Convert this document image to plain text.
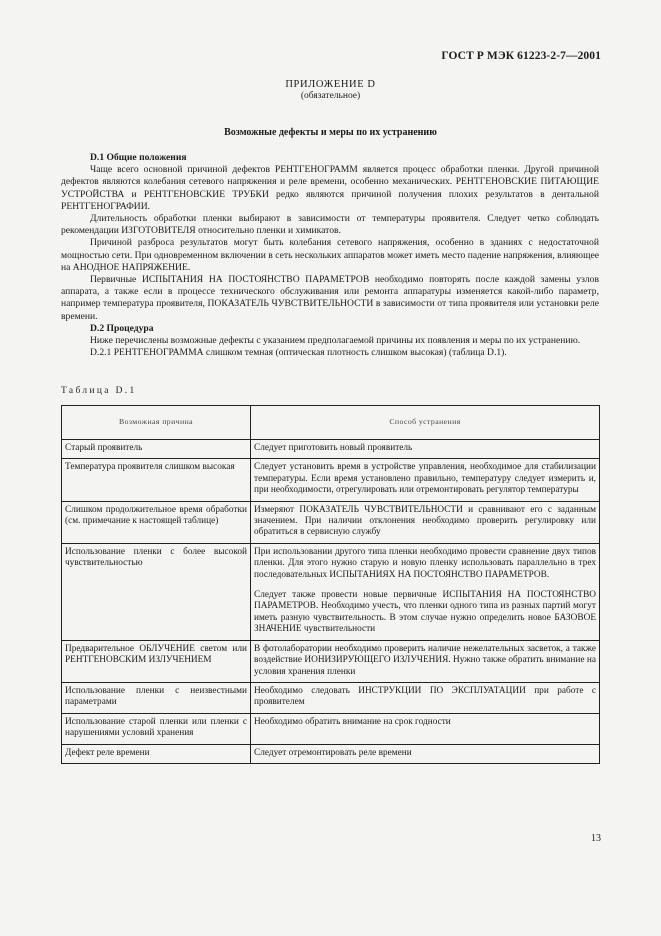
ГОСТ Р МЭК 61223-2-7—2001
ПРИЛОЖЕНИЕ D
(обязательное)
Возможные дефекты и меры по их устранению

D.1 Общие положения

Чаще всего основной причиной дефектов РЕНТГЕНОГРАММ является процесс обработки пленки. Другой причиной дефектов являются колебания сетевого напряжения и реле времени, особенно механических. РЕНТГЕНОВСКИЕ ПИТАЮЩИЕ УСТРОЙСТВА и РЕНТГЕНОВСКИЕ ТРУБКИ редко являются причиной получения плохих результатов в дентальной РЕНТГЕНОГРАФИИ.

Длительность обработки пленки выбирают в зависимости от температуры проявителя. Следует четко соблюдать рекомендации ИЗГОТОВИТЕЛЯ относительно пленки и химикатов.

Причиной разброса результатов могут быть колебания сетевого напряжения, особенно в зданиях с недостаточной мощностью сети. При одновременном включении в сеть нескольких аппаратов может иметь место падение напряжения, влияющее на АНОДНОЕ НАПРЯЖЕНИЕ.

Первичные ИСПЫТАНИЯ НА ПОСТОЯНСТВО ПАРАМЕТРОВ необходимо повторять после каждой замены узлов аппарата, а также если в процессе технического обслуживания или ремонта аппаратуры изменяется какой-либо параметр, например температура проявителя, ПОКАЗАТЕЛЬ ЧУВСТВИТЕЛЬНОСТИ в зависимости от типа проявителя или установки реле времени.

D.2 Процедура

Ниже перечислены возможные дефекты с указанием предполагаемой причины их появления и меры по их устранению.

D.2.1 РЕНТГЕНОГРАММА слишком темная (оптическая плотность слишком высокая) (таблица D.1).

Таблица D.1
Возможная причина	Способ устранения
Старый проявитель	Следует приготовить новый проявитель

Температура проявителя слишком высокая	Следует установить время в устройстве управления, необходимое для стабилизации температуры. Если время установлено правильно, температуру следует измерить и, при необходимости, отрегулировать или отремонтировать регулятор температуры

Слишком продолжительное время обработки (см. примечание к настоящей таблице)	Измеряют ПОКАЗАТЕЛЬ ЧУВСТВИТЕЛЬНОСТИ и сравнивают его с заданным значением. При наличии отклонения необходимо проверить регулировку или обратиться в сервисную службу

Использование пленки с более высокой чувствительностью	При использовании другого типа пленки необходимо провести сравнение двух типов пленки. Для этого нужно старую и новую пленку использовать параллельно в трех последовательных ИСПЫТАНИЯХ НА ПОСТОЯНСТВО ПАРАМЕТРОВ.

Следует также провести новые первичные ИСПЫТАНИЯ НА ПОСТОЯНСТВО ПАРАМЕТРОВ. Необходимо учесть, что пленки одного типа из разных партий могут иметь разную чувствительность. В этом случае нужно определить новое БАЗОВОЕ ЗНАЧЕНИЕ чувствительности

Предварительное ОБЛУЧЕНИЕ светом или РЕНТГЕНОВСКИМ ИЗЛУЧЕНИЕМ	В фотолаборатории необходимо проверить наличие нежелательных засветок, а также воздействие ИОНИЗИРУЮЩЕГО ИЗЛУЧЕНИЯ. Нужно также обратить внимание на условия хранения пленки

Использование пленки с неизвестными параметрами	Необходимо следовать ИНСТРУКЦИИ ПО ЭКСПЛУАТАЦИИ при работе с проявителем

Использование старой пленки или пленки с нарушениями условий хранения	Необходимо обратить внимание на срок годности

Дефект реле времени	Следует отремонтировать реле времени

13
